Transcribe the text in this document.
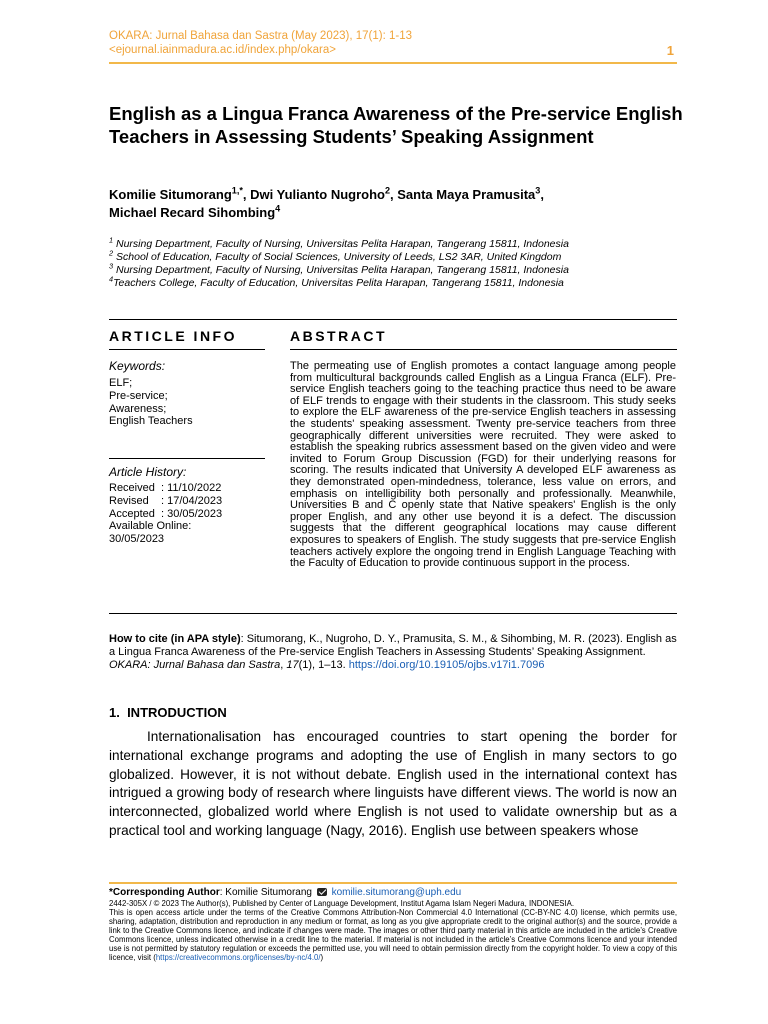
OKARA: Jurnal Bahasa dan Sastra (May 2023), 17(1): 1-13
<ejournal.iainmadura.ac.id/index.php/okara>	1
English as a Lingua Franca Awareness of the Pre-service English Teachers in Assessing Students’ Speaking Assignment
Komilie Situmorang$^{1,*}$, Dwi Yulianto Nugroho$^2$, Santa Maya Pramusita$^3$,
Michael Recard Sihombing$^4$
$^1$ Nursing Department, Faculty of Nursing, Universitas Pelita Harapan, Tangerang 15811, Indonesia
$^2$ School of Education, Faculty of Social Sciences, University of Leeds, LS2 3AR, United Kingdom
$^3$ Nursing Department, Faculty of Nursing, Universitas Pelita Harapan, Tangerang 15811, Indonesia
$^4$Teachers College, Faculty of Education, Universitas Pelita Harapan, Tangerang 15811, Indonesia
ARTICLE INFO	ABSTRACT
Keywords:
ELF;
Pre-service;
Awareness;
English Teachers
Article History:
Received  : 11/10/2022
Revised    : 17/04/2023
Accepted  : 30/05/2023
Available Online:
30/05/2023
The permeating use of English promotes a contact language among people from multicultural backgrounds called English as a Lingua Franca (ELF). Pre-service English teachers going to the teaching practice thus need to be aware of ELF trends to engage with their students in the classroom. This study seeks to explore the ELF awareness of the pre-service English teachers in assessing the students' speaking assessment. Twenty pre-service teachers from three geographically different universities were recruited. They were asked to establish the speaking rubrics assessment based on the given video and were invited to Forum Group Discussion (FGD) for their underlying reasons for scoring. The results indicated that University A developed ELF awareness as they demonstrated open-mindedness, tolerance, less value on errors, and emphasis on intelligibility both personally and professionally. Meanwhile, Universities B and C openly state that Native speakers' English is the only proper English, and any other use beyond it is a defect. The discussion suggests that the different geographical locations may cause different exposures to speakers of English. The study suggests that pre-service English teachers actively explore the ongoing trend in English Language Teaching with the Faculty of Education to provide continuous support in the process.
How to cite (in APA style): Situmorang, K., Nugroho, D. Y., Pramusita, S. M., & Sihombing, M. R. (2023). English as a Lingua Franca Awareness of the Pre-service English Teachers in Assessing Students’ Speaking Assignment. OKARA: Jurnal Bahasa dan Sastra, 17(1), 1–13. https://doi.org/10.19105/ojbs.v17i1.7096
1.  INTRODUCTION
Internationalisation has encouraged countries to start opening the border for international exchange programs and adopting the use of English in many sectors to go globalized. However, it is not without debate. English used in the international context has intrigued a growing body of research where linguists have different views. The world is now an interconnected, globalized world where English is not used to validate ownership but as a practical tool and working language (Nagy, 2016). English use between speakers whose
*Corresponding Author: Komilie Situmorang komilie.situmorang@uph.edu
2442-305X / © 2023 The Author(s), Published by Center of Language Development, Institut Agama Islam Negeri Madura, INDONESIA.
This is open access article under the terms of the Creative Commons Attribution-Non Commercial 4.0 International (CC-BY-NC 4.0) license, which permits use, sharing, adaptation, distribution and reproduction in any medium or format, as long as you give appropriate credit to the original author(s) and the source, provide a link to the Creative Commons licence, and indicate if changes were made. The images or other third party material in this article are included in the article’s Creative Commons licence, unless indicated otherwise in a credit line to the material. If material is not included in the article’s Creative Commons licence and your intended use is not permitted by statutory regulation or exceeds the permitted use, you will need to obtain permission directly from the copyright holder. To view a copy of this licence, visit (https://creativecommons.org/licenses/by-nc/4.0/)
